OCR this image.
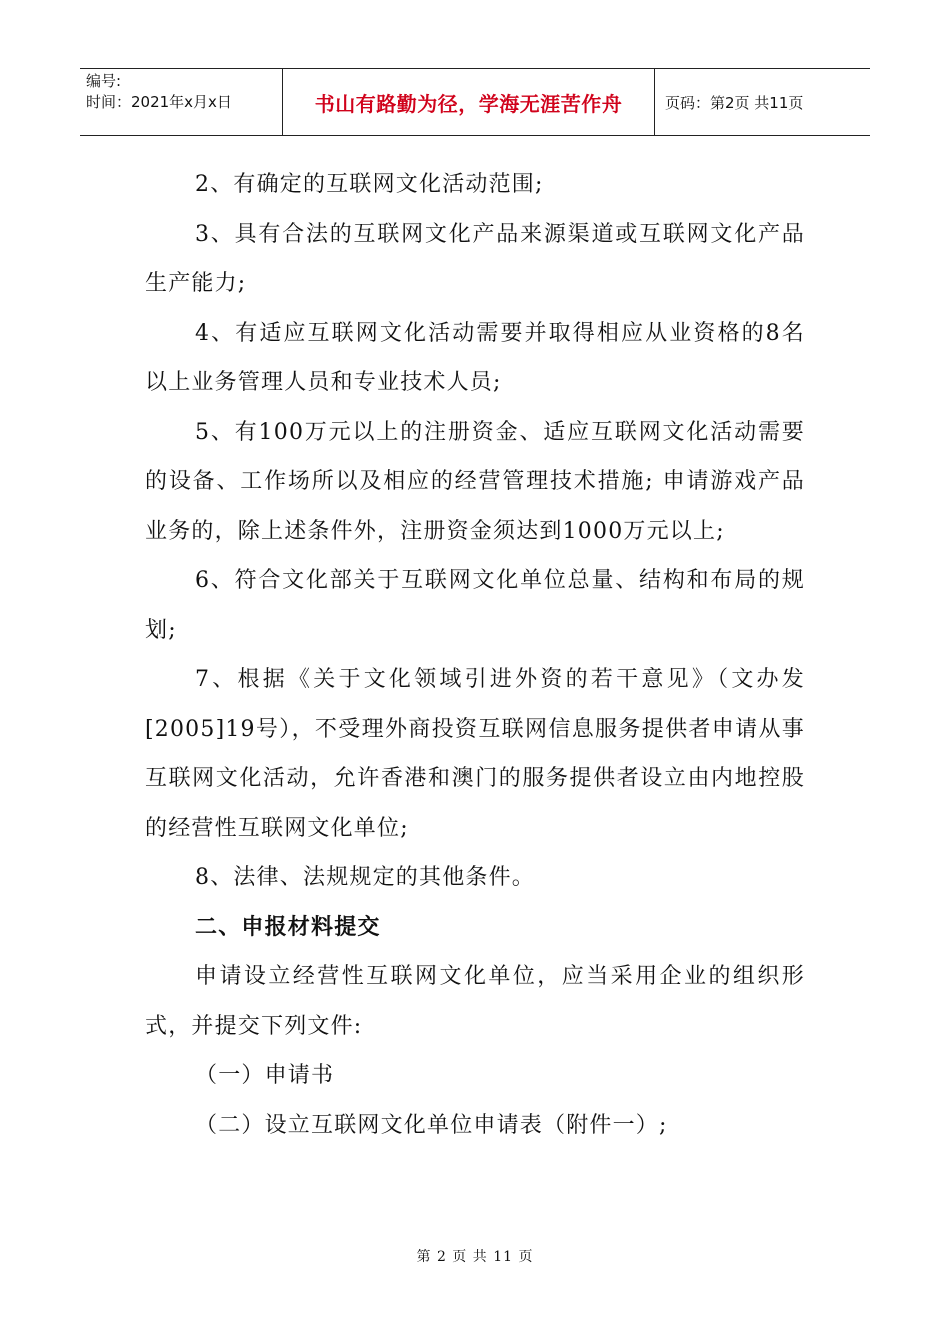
编号:
时间：2021年x月x日	书山有路勤为径，学海无涯苦作舟	页码：第2页 共11页

2、有确定的互联网文化活动范围;

3、具有合法的互联网文化产品来源渠道或互联网文化产品生产能力;

4、有适应互联网文化活动需要并取得相应从业资格的8名以上业务管理人员和专业技术人员;

5、有100万元以上的注册资金、适应互联网文化活动需要的设备、工作场所以及相应的经营管理技术措施; 申请游戏产品业务的，除上述条件外，注册资金须达到1000万元以上;

6、符合文化部关于互联网文化单位总量、结构和布局的规划;

7、根据《关于文化领域引进外资的若干意见》（文办发[2005]19号），不受理外商投资互联网信息服务提供者申请从事互联网文化活动，允许香港和澳门的服务提供者设立由内地控股的经营性互联网文化单位;

8、法律、法规规定的其他条件。

二、申报材料提交

申请设立经营性互联网文化单位，应当采用企业的组织形式，并提交下列文件:

（一）申请书

（二）设立互联网文化单位申请表（附件一）;

第 2 页 共 11 页
